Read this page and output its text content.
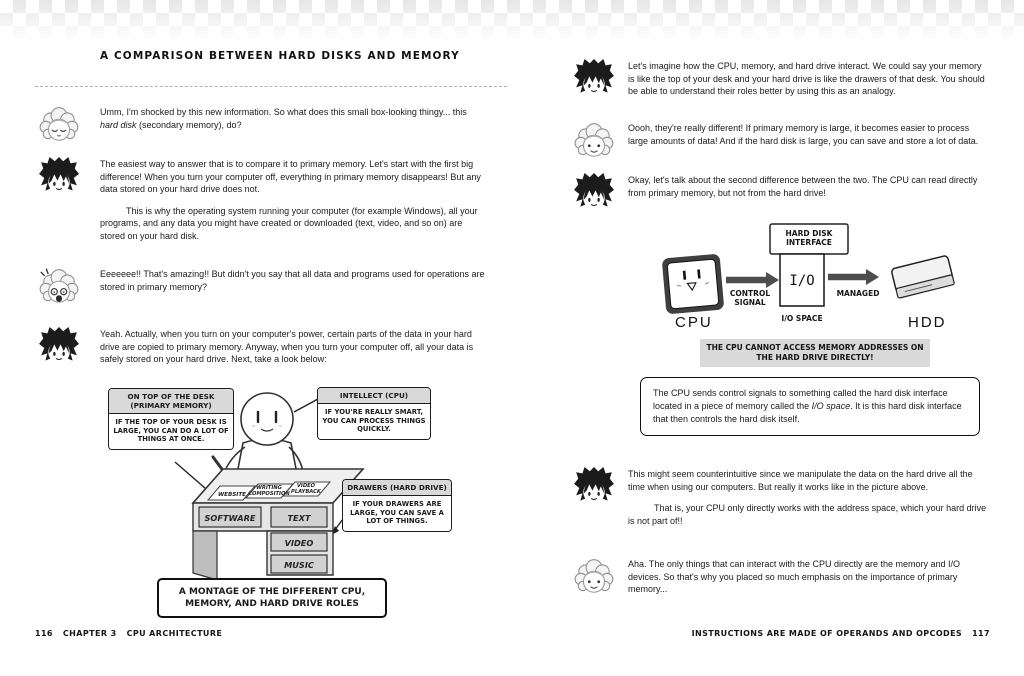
A COMPARISON BETWEEN HARD DISKS AND MEMORY

Umm, I'm shocked by this new information. So what does this small box-looking thingy... this hard disk (secondary memory), do?

The easiest way to answer that is to compare it to primary memory. Let's start with the first big difference! When you turn your computer off, everything in primary memory disappears! But any data stored on your hard drive does not.

This is why the operating system running your computer (for example Windows), all your programs, and any data you might have created or downloaded (text, video, and so on) are stored on your hard disk.

Eeeeeee!! That's amazing!! But didn't you say that all data and programs used for operations are stored in primary memory?

Yeah. Actually, when you turn on your computer's power, certain parts of the data in your hard drive are copied to primary memory. Anyway, when you turn your computer off, all your data is safely stored on your hard drive. Next, take a look below:

WEBSITE
WRITING COMPOSITION
VIDEO PLAYBACK
SOFTWARE	TEXT
VIDEO
MUSIC
ON TOP OF THE DESK (PRIMARY MEMORY)
IF THE TOP OF YOUR DESK IS LARGE, YOU CAN DO A LOT OF THINGS AT ONCE.
INTELLECT (CPU)
IF YOU'RE REALLY SMART, YOU CAN PROCESS THINGS QUICKLY.
DRAWERS (HARD DRIVE)
IF YOUR DRAWERS ARE LARGE, YOU CAN SAVE A LOT OF THINGS.
A MONTAGE OF THE DIFFERENT CPU, MEMORY, AND HARD DRIVE ROLES
116 CHAPTER 3 CPU ARCHITECTURE

Let's imagine how the CPU, memory, and hard drive interact. We could say your memory is like the top of your desk and your hard drive is like the drawers of that desk. You should be able to understand their roles better by using this as an analogy.

Oooh, they're really different! If primary memory is large, it becomes easier to process large amounts of data! And if the hard disk is large, you can save and store a lot of data.

Okay, let's talk about the second difference between the two. The CPU can read directly from primary memory, but not from the hard drive!

This might seem counterintuitive since we manipulate the data on the hard drive all the time when using our computers. But really it works like in the picture above.

That is, your CPU only directly works with the address space, which your hard drive is not part of!!

Aha. The only things that can interact with the CPU directly are the memory and I/O devices. So that's why you placed so much emphasis on the importance of primary memory...

CPU
CONTROL SIGNAL
HARD DISK INTERFACE
I/O
I/O SPACE
MANAGED
HDD
THE CPU CANNOT ACCESS MEMORY ADDRESSES ON THE HARD DRIVE DIRECTLY!
The CPU sends control signals to something called the hard disk interface located in a piece of memory called the I/O space. It is this hard disk interface that then controls the hard disk itself.
INSTRUCTIONS ARE MADE OF OPERANDS AND OPCODES 117
